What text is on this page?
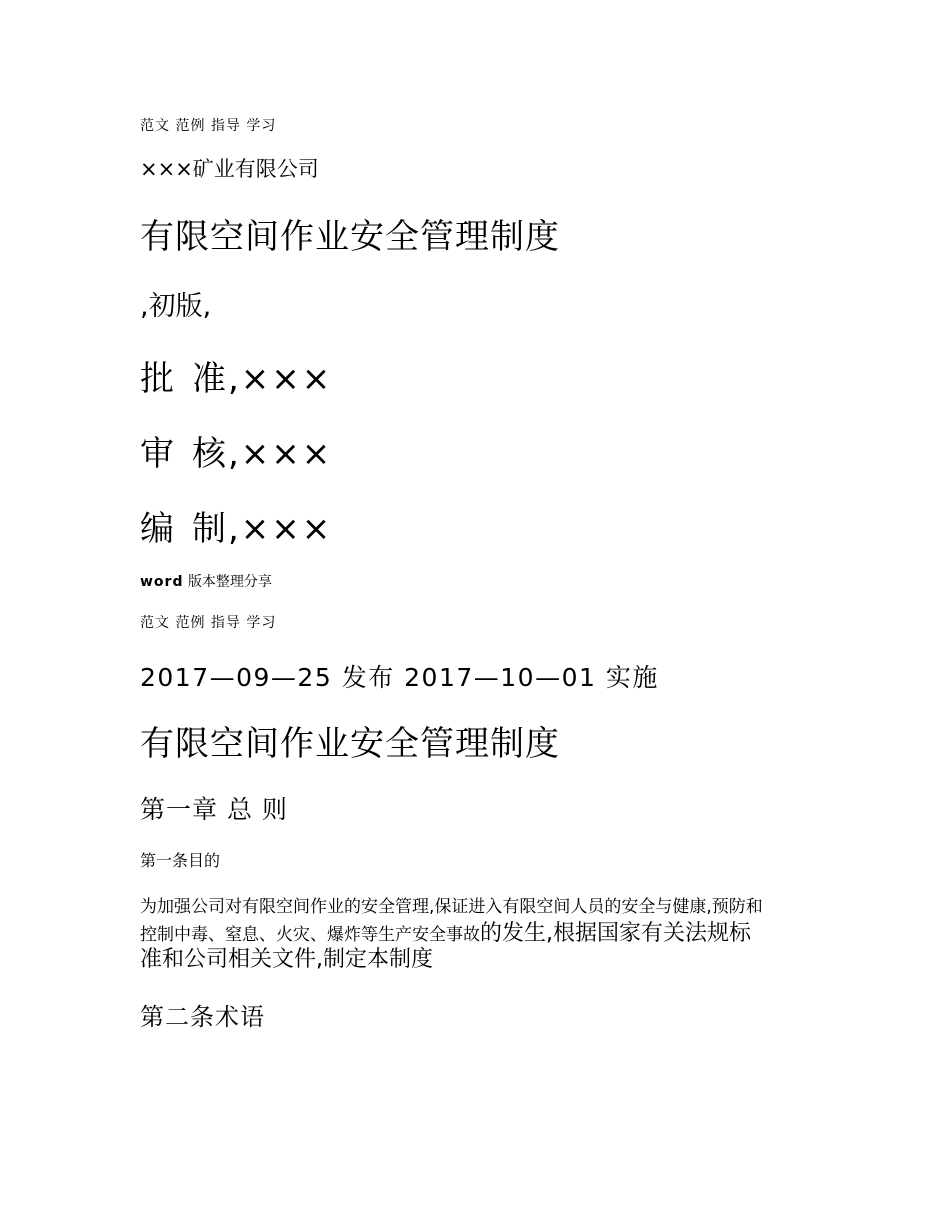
范文 范例 指导 学习
×××矿业有限公司
有限空间作业安全管理制度
,初版,
批 准,×××
审 核,×××
编 制,×××
word 版本整理分享
范文 范例 指导 学习
2017—09—25 发布 2017—10—01 实施
有限空间作业安全管理制度
第一章 总 则
第一条目的
为加强公司对有限空间作业的安全管理,保证进入有限空间人员的安全与健康,预防和
控制中毒、窒息、火灾、爆炸等生产安全事故的发生,根据国家有关法规标
准和公司相关文件,制定本制度
第二条术语
